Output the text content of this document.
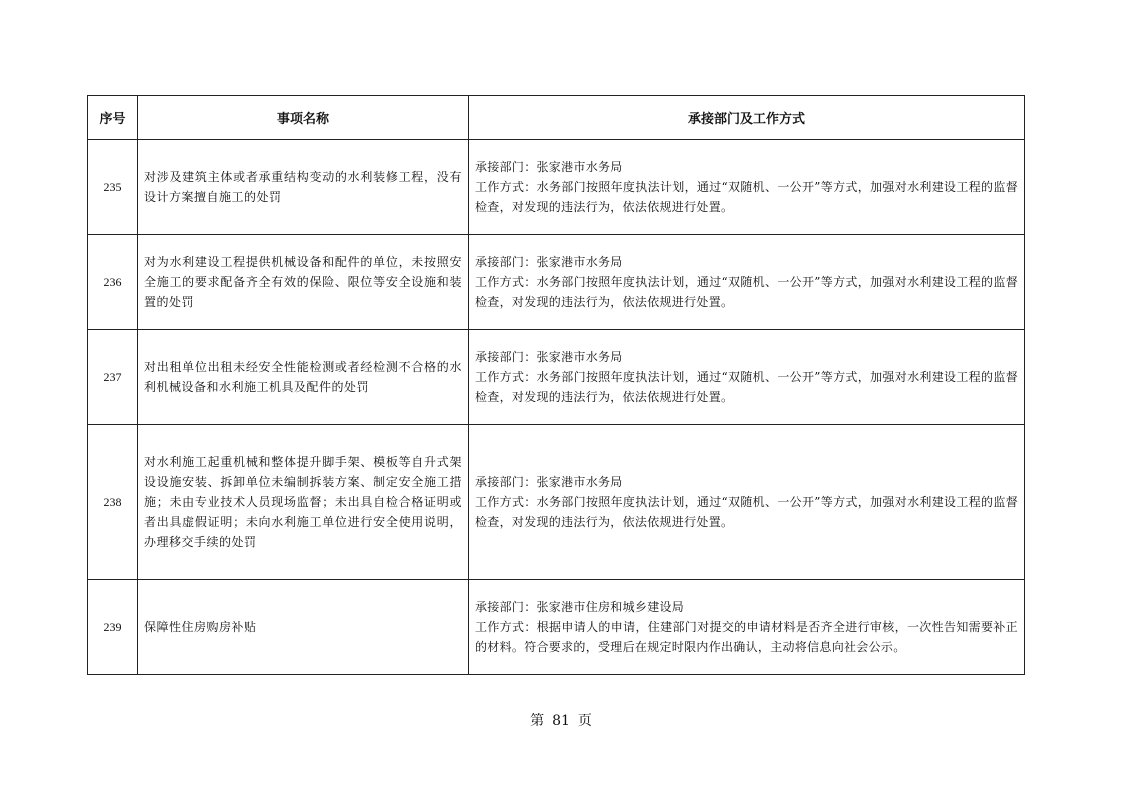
序号	事项名称	承接部门及工作方式
235	对涉及建筑主体或者承重结构变动的水利装修工程，没有设计方案擅自施工的处罚	承接部门：张家港市水务局
工作方式：水务部门按照年度执法计划，通过“双随机、一公开”等方式，加强对水利建设工程的监督检查，对发现的违法行为，依法依规进行处置。

236	对为水利建设工程提供机械设备和配件的单位，未按照安全施工的要求配备齐全有效的保险、限位等安全设施和装置的处罚	承接部门：张家港市水务局
工作方式：水务部门按照年度执法计划，通过“双随机、一公开”等方式，加强对水利建设工程的监督检查，对发现的违法行为，依法依规进行处置。

237	对出租单位出租未经安全性能检测或者经检测不合格的水利机械设备和水利施工机具及配件的处罚	承接部门：张家港市水务局
工作方式：水务部门按照年度执法计划，通过“双随机、一公开”等方式，加强对水利建设工程的监督检查，对发现的违法行为，依法依规进行处置。

238	对水利施工起重机械和整体提升脚手架、模板等自升式架设设施安装、拆卸单位未编制拆装方案、制定安全施工措施；未由专业技术人员现场监督；未出具自检合格证明或者出具虚假证明；未向水利施工单位进行安全使用说明，办理移交手续的处罚	承接部门：张家港市水务局
工作方式：水务部门按照年度执法计划，通过“双随机、一公开”等方式，加强对水利建设工程的监督检查，对发现的违法行为，依法依规进行处置。

239	保障性住房购房补贴	承接部门：张家港市住房和城乡建设局
工作方式：根据申请人的申请，住建部门对提交的申请材料是否齐全进行审核，一次性告知需要补正的材料。符合要求的，受理后在规定时限内作出确认，主动将信息向社会公示。
第 81 页
